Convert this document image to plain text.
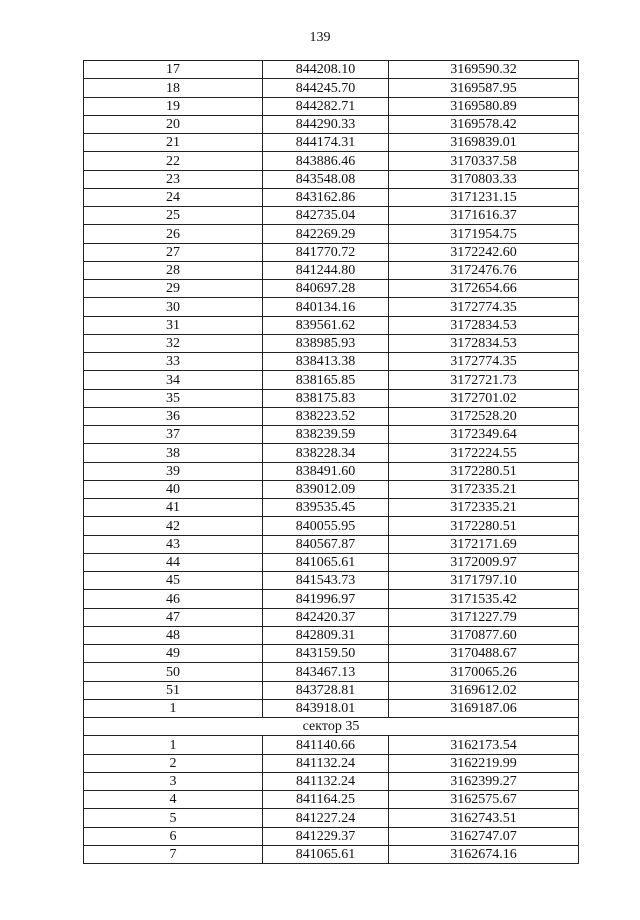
139
17	844208.10	3169590.32
18	844245.70	3169587.95
19	844282.71	3169580.89
20	844290.33	3169578.42
21	844174.31	3169839.01
22	843886.46	3170337.58
23	843548.08	3170803.33
24	843162.86	3171231.15
25	842735.04	3171616.37
26	842269.29	3171954.75
27	841770.72	3172242.60
28	841244.80	3172476.76
29	840697.28	3172654.66
30	840134.16	3172774.35
31	839561.62	3172834.53
32	838985.93	3172834.53
33	838413.38	3172774.35
34	838165.85	3172721.73
35	838175.83	3172701.02
36	838223.52	3172528.20
37	838239.59	3172349.64
38	838228.34	3172224.55
39	838491.60	3172280.51
40	839012.09	3172335.21
41	839535.45	3172335.21
42	840055.95	3172280.51
43	840567.87	3172171.69
44	841065.61	3172009.97
45	841543.73	3171797.10
46	841996.97	3171535.42
47	842420.37	3171227.79
48	842809.31	3170877.60
49	843159.50	3170488.67
50	843467.13	3170065.26
51	843728.81	3169612.02
1	843918.01	3169187.06
сектор 35		
1	841140.66	3162173.54
2	841132.24	3162219.99
3	841132.24	3162399.27
4	841164.25	3162575.67
5	841227.24	3162743.51
6	841229.37	3162747.07
7	841065.61	3162674.16
